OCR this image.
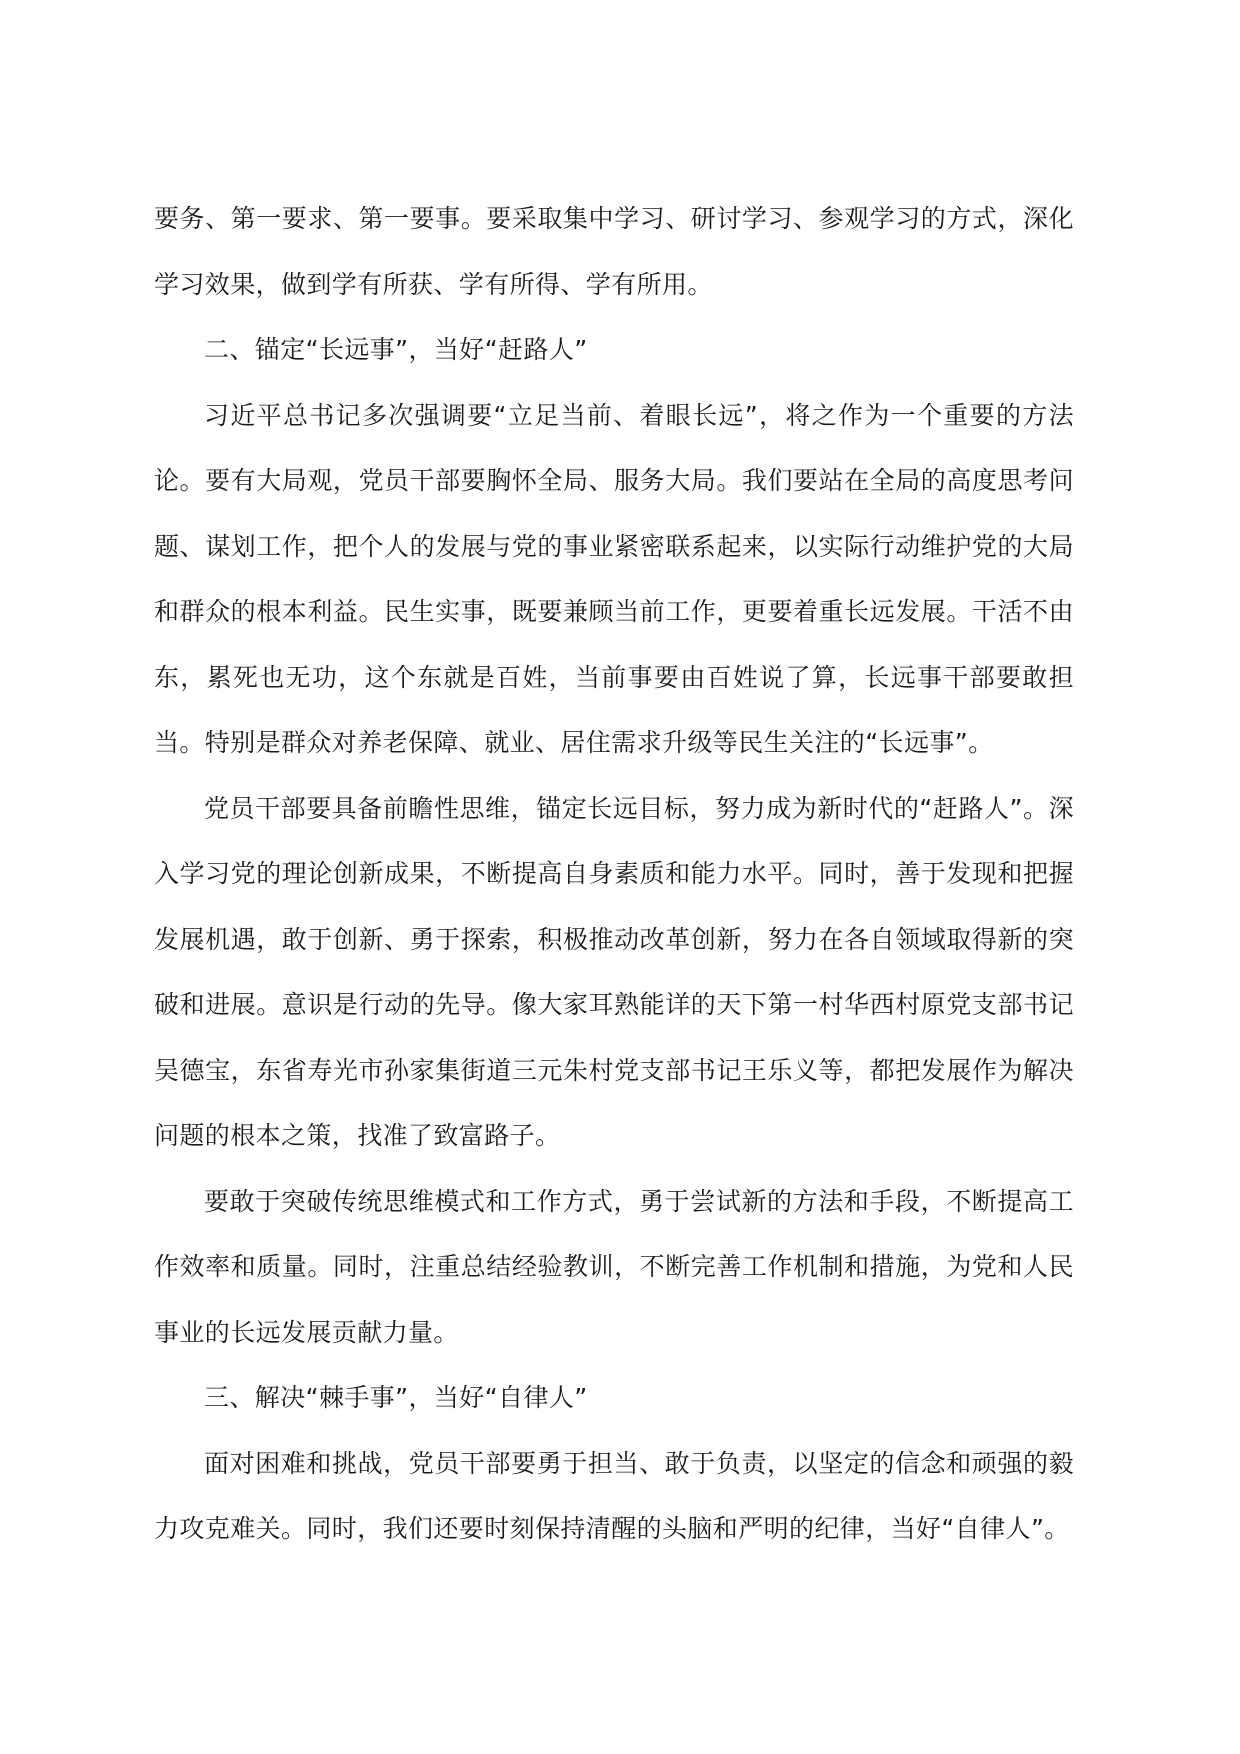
要务、第一要求、第一要事。要采取集中学习、研讨学习、参观学习的方式，深化学习效果，做到学有所获、学有所得、学有所用。

二、锚定“长远事”，当好“赶路人”

习近平总书记多次强调要“立足当前、着眼长远”，将之作为一个重要的方法论。要有大局观，党员干部要胸怀全局、服务大局。我们要站在全局的高度思考问题、谋划工作，把个人的发展与党的事业紧密联系起来，以实际行动维护党的大局和群众的根本利益。民生实事，既要兼顾当前工作，更要着重长远发展。干活不由东，累死也无功，这个东就是百姓，当前事要由百姓说了算，长远事干部要敢担当。特别是群众对养老保障、就业、居住需求升级等民生关注的“长远事”。

党员干部要具备前瞻性思维，锚定长远目标，努力成为新时代的“赶路人”。深入学习党的理论创新成果，不断提高自身素质和能力水平。同时，善于发现和把握发展机遇，敢于创新、勇于探索，积极推动改革创新，努力在各自领域取得新的突破和进展。意识是行动的先导。像大家耳熟能详的天下第一村华西村原党支部书记吴德宝，东省寿光市孙家集街道三元朱村党支部书记王乐义等，都把发展作为解决问题的根本之策，找准了致富路子。

要敢于突破传统思维模式和工作方式，勇于尝试新的方法和手段，不断提高工作效率和质量。同时，注重总结经验教训，不断完善工作机制和措施，为党和人民事业的长远发展贡献力量。

三、解决“棘手事”，当好“自律人”

面对困难和挑战，党员干部要勇于担当、敢于负责，以坚定的信念和顽强的毅力攻克难关。同时，我们还要时刻保持清醒的头脑和严明的纪律，当好“自律人”。
